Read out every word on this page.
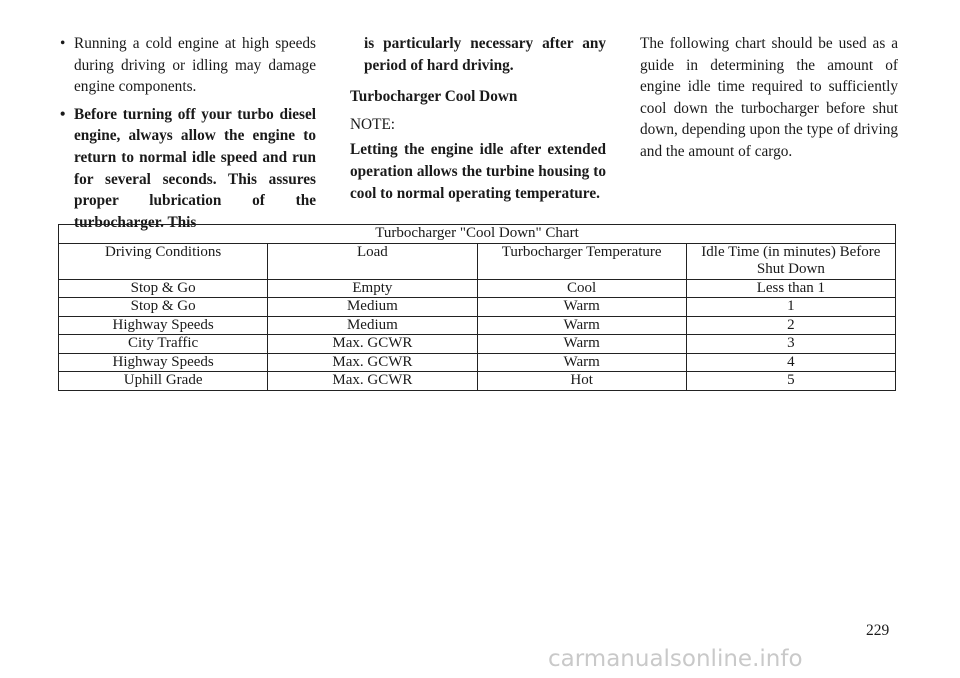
• Running a cold engine at high speeds during driving or idling may damage engine components.

• Before turning off your turbo diesel engine, always allow the engine to return to normal idle speed and run for several seconds. This assures proper lubrication of the turbocharger. This

is particularly necessary after any period of hard driving.

Turbocharger Cool Down

NOTE:

Letting the engine idle after extended operation allows the turbine housing to cool to normal operating temperature.

The following chart should be used as a guide in determining the amount of engine idle time required to sufficiently cool down the turbocharger before shut down, depending upon the type of driving and the amount of cargo.

Turbocharger "Cool Down" Chart			
Driving Conditions	Load	Turbocharger Temperature	Idle Time (in minutes) Before Shut Down
Stop & Go	Empty	Cool	Less than 1
Stop & Go	Medium	Warm	1
Highway Speeds	Medium	Warm	2
City Traffic	Max. GCWR	Warm	3
Highway Speeds	Max. GCWR	Warm	4
Uphill Grade	Max. GCWR	Hot	5
229
carmanualsonline.info
